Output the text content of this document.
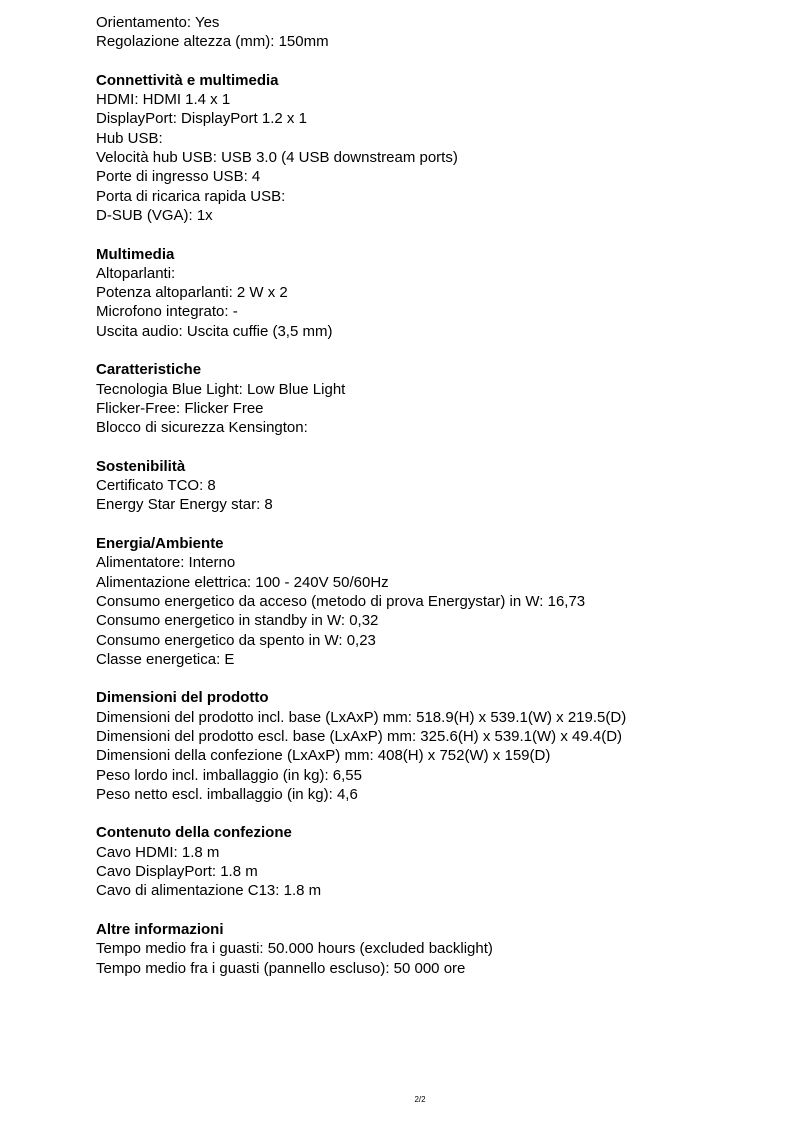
Orientamento: Yes
Regolazione altezza (mm): 150mm
Connettività e multimedia
HDMI: HDMI 1.4 x 1
DisplayPort: DisplayPort 1.2 x 1
Hub USB:
Velocità hub USB: USB 3.0 (4 USB downstream ports)
Porte di ingresso USB: 4
Porta di ricarica rapida USB:
D-SUB (VGA): 1x
Multimedia
Altoparlanti:
Potenza altoparlanti: 2 W x 2
Microfono integrato: -
Uscita audio: Uscita cuffie (3,5 mm)
Caratteristiche
Tecnologia Blue Light: Low Blue Light
Flicker-Free: Flicker Free
Blocco di sicurezza Kensington:
Sostenibilità
Certificato TCO: 8
Energy Star Energy star: 8
Energia/Ambiente
Alimentatore: Interno
Alimentazione elettrica: 100 - 240V 50/60Hz
Consumo energetico da acceso (metodo di prova Energystar) in W: 16,73
Consumo energetico in standby in W: 0,32
Consumo energetico da spento in W: 0,23
Classe energetica: E
Dimensioni del prodotto
Dimensioni del prodotto incl. base (LxAxP) mm: 518.9(H) x 539.1(W) x 219.5(D)
Dimensioni del prodotto escl. base (LxAxP) mm: 325.6(H) x 539.1(W) x 49.4(D)
Dimensioni della confezione (LxAxP) mm: 408(H) x 752(W) x 159(D)
Peso lordo incl. imballaggio (in kg): 6,55
Peso netto escl. imballaggio (in kg): 4,6
Contenuto della confezione
Cavo HDMI: 1.8 m
Cavo DisplayPort: 1.8 m
Cavo di alimentazione C13: 1.8 m
Altre informazioni
Tempo medio fra i guasti: 50.000 hours (excluded backlight)
Tempo medio fra i guasti (pannello escluso): 50 000 ore
2/2
